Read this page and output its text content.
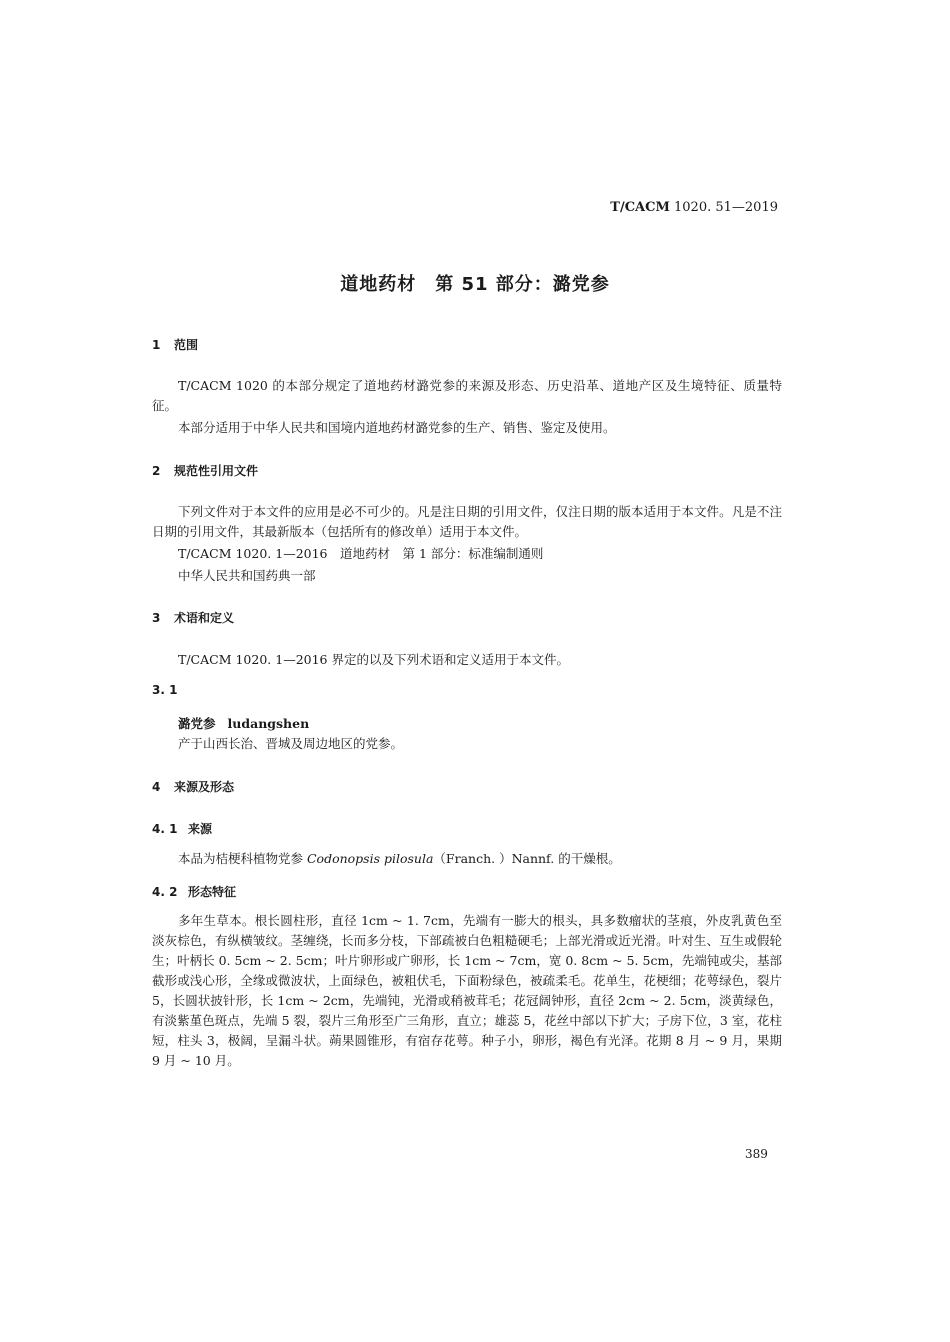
T/CACM 1020. 51—2019
道地药材　第 51 部分：潞党参
1 范围
T/CACM 1020 的本部分规定了道地药材潞党参的来源及形态、历史沿革、道地产区及生境特征、质量特征。
本部分适用于中华人民共和国境内道地药材潞党参的生产、销售、鉴定及使用。
2 规范性引用文件
下列文件对于本文件的应用是必不可少的。凡是注日期的引用文件，仅注日期的版本适用于本文件。凡是不注日期的引用文件，其最新版本（包括所有的修改单）适用于本文件。
T/CACM 1020. 1—2016　道地药材　第 1 部分：标准编制通则
中华人民共和国药典一部
3 术语和定义
T/CACM 1020. 1—2016 界定的以及下列术语和定义适用于本文件。
3. 1
潞党参 ludangshen
产于山西长治、晋城及周边地区的党参。
4 来源及形态
4. 1 来源
本品为桔梗科植物党参 Codonopsis pilosula（Franch. ）Nannf. 的干燥根。
4. 2 形态特征
多年生草本。根长圆柱形，直径 1cm ~ 1. 7cm，先端有一膨大的根头，具多数瘤状的茎痕，外皮乳黄色至淡灰棕色，有纵横皱纹。茎缠绕，长而多分枝，下部疏被白色粗糙硬毛；上部光滑或近光滑。叶对生、互生或假轮生；叶柄长 0. 5cm ~ 2. 5cm；叶片卵形或广卵形，长 1cm ~ 7cm，宽 0. 8cm ~ 5. 5cm，先端钝或尖，基部截形或浅心形，全缘或微波状，上面绿色，被粗伏毛，下面粉绿色，被疏柔毛。花单生，花梗细；花萼绿色，裂片 5，长圆状披针形，长 1cm ~ 2cm，先端钝，光滑或稍被茸毛；花冠阔钟形，直径 2cm ~ 2. 5cm，淡黄绿色，有淡紫堇色斑点，先端 5 裂，裂片三角形至广三角形，直立；雄蕊 5，花丝中部以下扩大；子房下位，3 室，花柱短，柱头 3，极阔，呈漏斗状。蒴果圆锥形，有宿存花萼。种子小，卵形，褐色有光泽。花期 8 月 ~ 9 月，果期 9 月 ~ 10 月。
389
